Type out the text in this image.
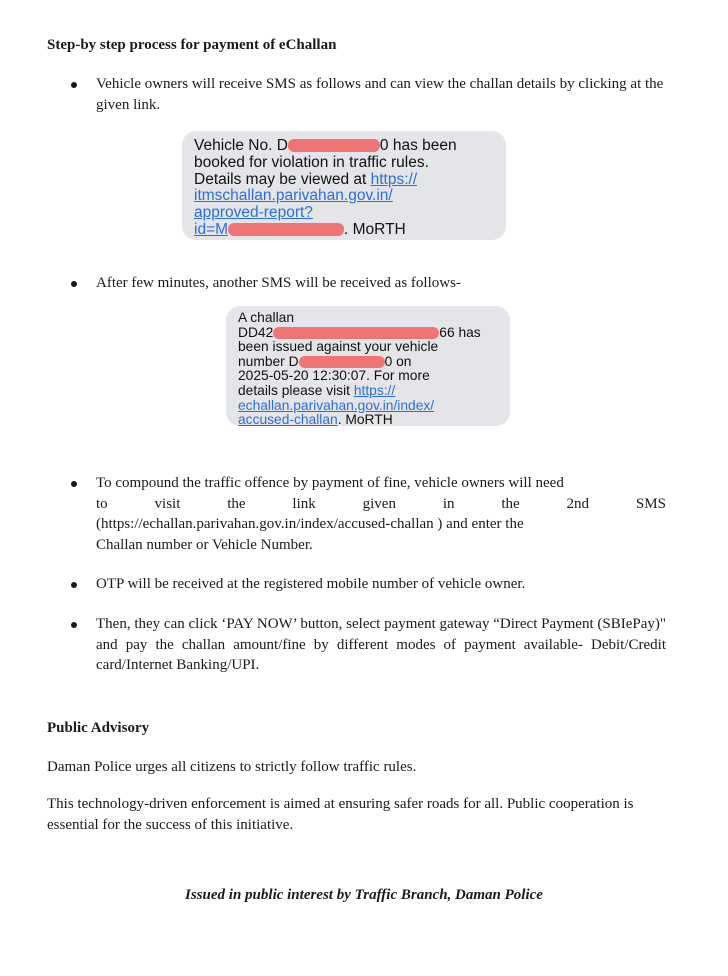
Step-by step process for payment of eChallan
Vehicle owners will receive SMS as follows and can view the challan details by clicking at the given link.
Vehicle No. D	0 has been
booked for violation in traffic rules.
Details may be viewed at https://
itmschallan.parivahan.gov.in/
approved-report?
id=M	. MoRTH
After few minutes, another SMS will be received as follows-
A challan
DD42	66 has
been issued against your vehicle
number D	0 on
2025-05-20 12:30:07. For more
details please visit https://
echallan.parivahan.gov.in/index/
accused-challan. MoRTH
To compound the traffic offence by payment of fine, vehicle owners will need
to	visit	the	link	given	in	the	2nd	SMS
(https://echallan.parivahan.gov.in/index/accused-challan ) and enter the
Challan number or Vehicle Number.
OTP will be received at the registered mobile number of vehicle owner.
Then, they can click ‘PAY NOW’ button, select payment gateway “Direct Payment (SBIePay)" and pay the challan amount/fine by different modes of payment available- Debit/Credit card/Internet Banking/UPI.
Public Advisory
Daman Police urges all citizens to strictly follow traffic rules.
This technology-driven enforcement is aimed at ensuring safer roads for all. Public cooperation is essential for the success of this initiative.
Issued in public interest by Traffic Branch, Daman Police
